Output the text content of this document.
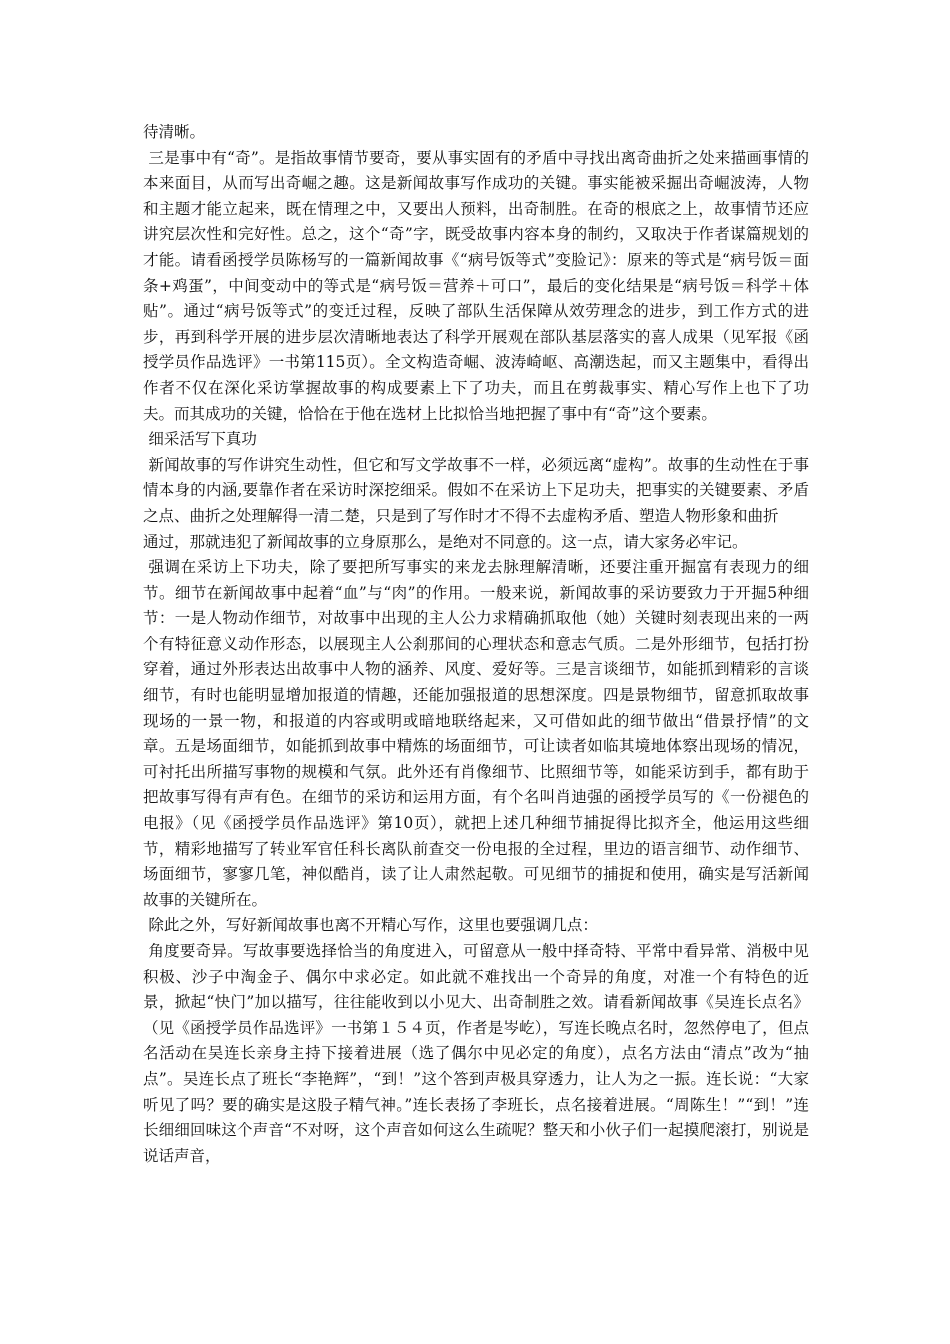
待清晰。

三是事中有“奇”。是指故事情节要奇，要从事实固有的矛盾中寻找出离奇曲折之处来描画事情的本来面目，从而写出奇崛之趣。这是新闻故事写作成功的关键。事实能被采掘出奇崛波涛，人物和主题才能立起来，既在情理之中，又要出人预料，出奇制胜。在奇的根底之上，故事情节还应讲究层次性和完好性。总之，这个“奇”字，既受故事内容本身的制约，又取决于作者谋篇规划的才能。请看函授学员陈杨写的一篇新闻故事《“病号饭等式”变脸记》：原来的等式是“病号饭＝面条+鸡蛋”，中间变动中的等式是“病号饭＝营养＋可口”，最后的变化结果是“病号饭＝科学＋体贴”。通过“病号饭等式”的变迁过程，反映了部队生活保障从效劳理念的进步，到工作方式的进步，再到科学开展的进步层次清晰地表达了科学开展观在部队基层落实的喜人成果（见军报《函授学员作品选评》一书第115页）。全文构造奇崛、波涛崎岖、高潮迭起，而又主题集中，看得出作者不仅在深化采访掌握故事的构成要素上下了功夫，而且在剪裁事实、精心写作上也下了功夫。而其成功的关键，恰恰在于他在选材上比拟恰当地把握了事中有“奇”这个要素。

细采活写下真功

新闻故事的写作讲究生动性，但它和写文学故事不一样，必须远离“虚构”。故事的生动性在于事情本身的内涵,要靠作者在采访时深挖细采。假如不在采访上下足功夫，把事实的关键要素、矛盾之点、曲折之处理解得一清二楚，只是到了写作时才不得不去虚构矛盾、塑造人物形象和曲折

通过，那就违犯了新闻故事的立身原那么，是绝对不同意的。这一点，请大家务必牢记。

强调在采访上下功夫，除了要把所写事实的来龙去脉理解清晰，还要注重开掘富有表现力的细节。细节在新闻故事中起着“血”与“肉”的作用。一般来说，新闻故事的采访要致力于开掘5种细节：一是人物动作细节，对故事中出现的主人公力求精确抓取他（她）关键时刻表现出来的一两个有特征意义动作形态，以展现主人公刹那间的心理状态和意志气质。二是外形细节，包括打扮穿着，通过外形表达出故事中人物的涵养、风度、爱好等。三是言谈细节，如能抓到精彩的言谈细节，有时也能明显增加报道的情趣，还能加强报道的思想深度。四是景物细节，留意抓取故事现场的一景一物，和报道的内容或明或暗地联络起来，又可借如此的细节做出“借景抒情”的文章。五是场面细节，如能抓到故事中精炼的场面细节，可让读者如临其境地体察出现场的情况，可衬托出所描写事物的规模和气氛。此外还有肖像细节、比照细节等，如能采访到手，都有助于把故事写得有声有色。在细节的采访和运用方面，有个名叫肖迪强的函授学员写的《一份褪色的电报》（见《函授学员作品选评》第10页），就把上述几种细节捕捉得比拟齐全，他运用这些细节，精彩地描写了转业军官任科长离队前查交一份电报的全过程，里边的语言细节、动作细节、场面细节，寥寥几笔，神似酷肖，读了让人肃然起敬。可见细节的捕捉和使用，确实是写活新闻故事的关键所在。

除此之外，写好新闻故事也离不开精心写作，这里也要强调几点：

角度要奇异。写故事要选择恰当的角度进入，可留意从一般中择奇特、平常中看异常、消极中见积极、沙子中淘金子、偶尔中求必定。如此就不难找出一个奇异的角度，对准一个有特色的近景，掀起“快门”加以描写，往往能收到以小见大、出奇制胜之效。请看新闻故事《吴连长点名》（见《函授学员作品选评》一书第１５４页，作者是岑屹），写连长晚点名时，忽然停电了，但点名活动在吴连长亲身主持下接着进展（选了偶尔中见必定的角度），点名方法由“清点”改为“抽点”。吴连长点了班长“李艳辉”，“到！”这个答到声极具穿透力，让人为之一振。连长说：“大家听见了吗？要的确实是这股子精气神。”连长表扬了李班长，点名接着进展。“周陈生！”“到！”连长细细回味这个声音“不对呀，这个声音如何这么生疏呢？整天和小伙子们一起摸爬滚打，别说是说话声音，
